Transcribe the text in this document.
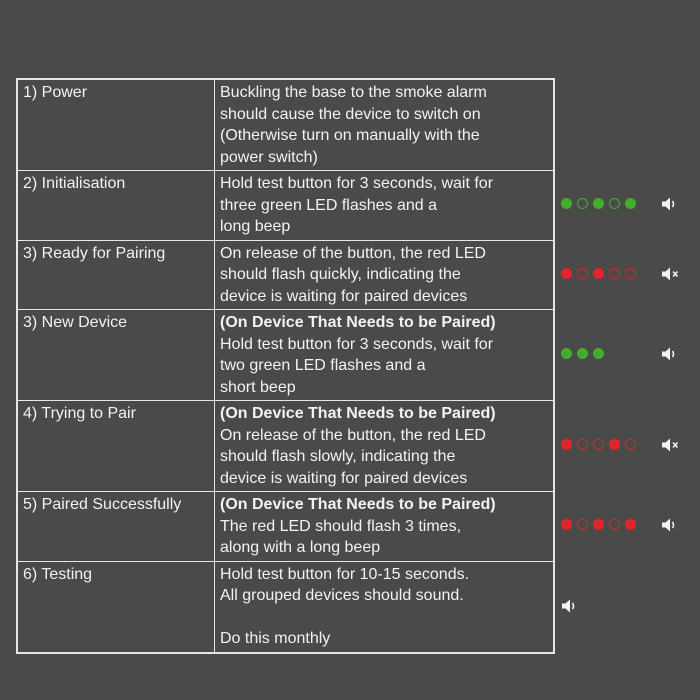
1) Power	Buckling the base to the smoke alarm
should cause the device to switch on
(Otherwise turn on manually with the
power switch)

2) Initialisation	Hold test button for 3 seconds, wait for
three green LED flashes and a
long beep

3) Ready for Pairing	On release of the button, the red LED
should flash quickly, indicating the
device is waiting for paired devices

3) New Device	(On Device That Needs to be Paired)
Hold test button for 3 seconds, wait for
two green LED flashes and a
short beep

4) Trying to Pair	(On Device That Needs to be Paired)
On release of the button, the red LED
should flash slowly, indicating the
device is waiting for paired devices

5) Paired Successfully	(On Device That Needs to be Paired)
The red LED should flash 3 times,
along with a long beep

6) Testing	Hold test button for 10-15 seconds.
All grouped devices should sound.
Do this monthly
